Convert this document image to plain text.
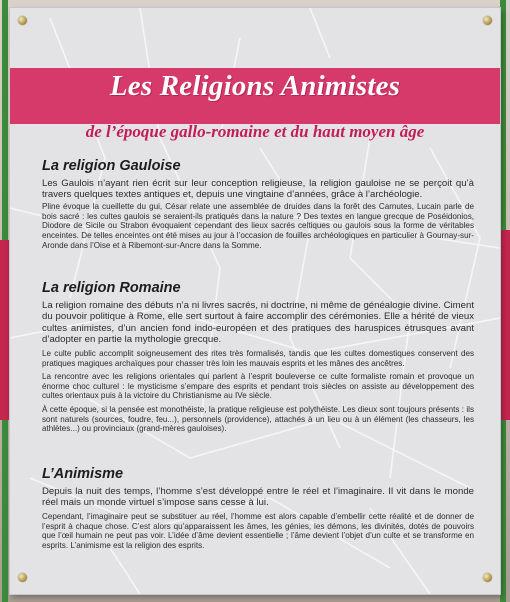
Les Religions Animistes
de l’époque gallo-romaine et du haut moyen âge
La religion Gauloise

Les Gaulois n’ayant rien écrit sur leur conception religieuse, la religion gauloise ne se perçoit qu’à travers quelques textes antiques et, depuis une vingtaine d’années, grâce à l’archéologie.

Pline évoque la cueillette du gui, César relate une assemblée de druides dans la forêt des Carnutes, Lucain parle de bois sacré : les cultes gaulois se seraient-ils pratiqués dans la nature ? Des textes en langue grecque de Poséidonios, Diodore de Sicile ou Strabon évoquaient cependant des lieux sacrés celtiques ou gaulois sous la forme de véritables enceintes. De telles enceintes ont été mises au jour à l’occasion de fouilles archéologiques en particulier à Gournay-sur-Aronde dans l’Oise et à Ribemont-sur-Ancre dans la Somme.

La religion Romaine

La religion romaine des débuts n’a ni livres sacrés, ni doctrine, ni même de généalogie divine. Ciment du pouvoir politique à Rome, elle sert surtout à faire accomplir des cérémonies. Elle a hérité de vieux cultes animistes, d’un ancien fond indo-européen et des pratiques des haruspices étrusques avant d’adopter en partie la mythologie grecque.

Le culte public accomplit soigneusement des rites très formalisés, tandis que les cultes domestiques conservent des pratiques magiques archaïques pour chasser très loin les mauvais esprits et les mânes des ancêtres.

La rencontre avec les religions orientales qui parlent à l’esprit bouleverse ce culte formaliste romain et provoque un énorme choc culturel : le mysticisme s’empare des esprits et pendant trois siècles on assiste au développement des cultes orientaux puis à la victoire du Christianisme au IVe siècle.

À cette époque, si la pensée est monothéiste, la pratique religieuse est polythéiste. Les dieux sont toujours présents : ils sont naturels (sources, foudre, feu...), personnels (providence), attachés à un lieu ou à un élément (les chasseurs, les athlètes...) ou provinciaux (grand-mères gauloises).

L’Animisme

Depuis la nuit des temps, l’homme s’est développé entre le réel et l’imaginaire. Il vit dans le monde réel mais un monde virtuel s’impose sans cesse à lui.

Cependant, l’imaginaire peut se substituer au réel, l’homme est alors capable d’embellir cette réalité et de donner de l’esprit à chaque chose. C’est alors qu’apparaissent les âmes, les génies, les démons, les divinités, dotés de pouvoirs que l’œil humain ne peut pas voir. L’idée d’âme devient essentielle ; l’âme devient l’objet d’un culte et se transforme en esprits. L’animisme est la religion des esprits.
